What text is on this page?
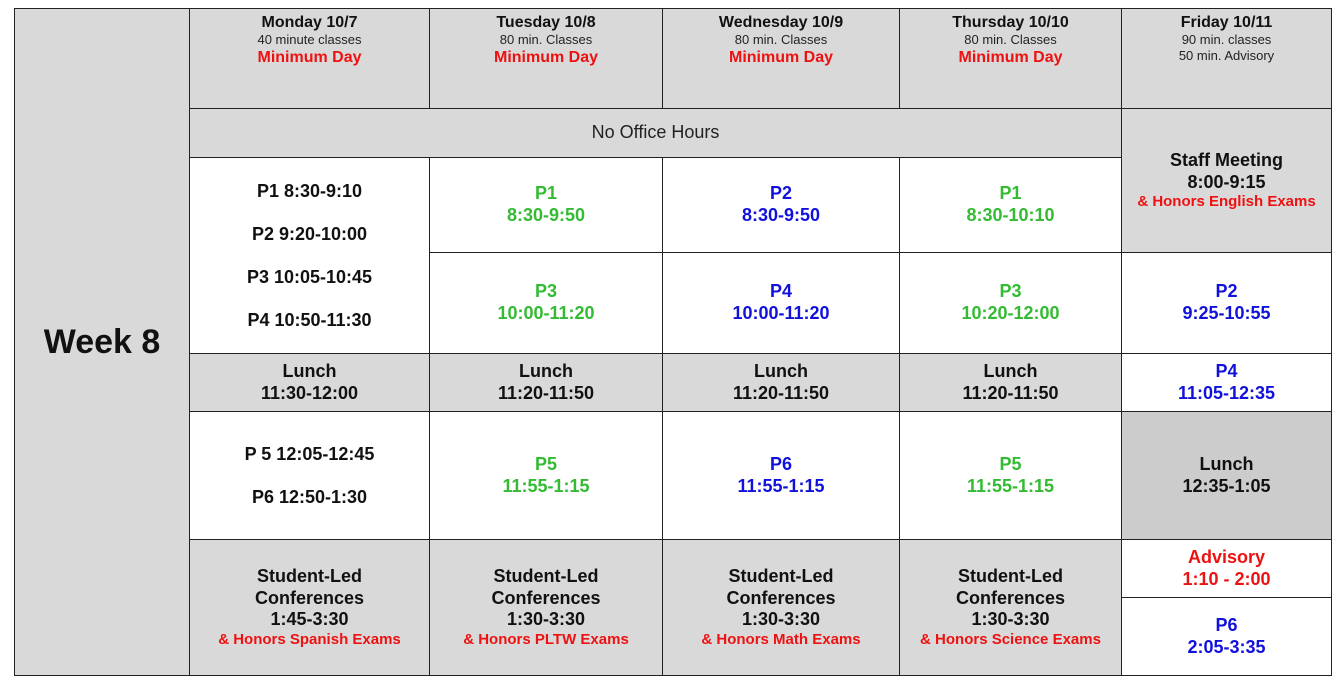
Week 8	Monday 10/7
40 minute classes
Minimum Day	Tuesday 10/8
80 min. Classes
Minimum Day	Wednesday 10/9
80 min. Classes
Minimum Day	Thursday 10/10
80 min. Classes
Minimum Day	Friday 10/11
90 min. classes
50 min. Advisory

	No Office Hours				Staff Meeting
8:00-9:15
& Honors English Exams

	P1 8:30-9:10
P2 9:20-10:00
P3 10:05-10:45
P4 10:50-11:30	P1
8:30-9:50	P2
8:30-9:50	P1
8:30-10:10	

		P3
10:00-11:20	P4
10:00-11:20	P3
10:20-12:00	P2
9:25-10:55

	Lunch
11:30-12:00	Lunch
11:20-11:50	Lunch
11:20-11:50	Lunch
11:20-11:50	P4
11:05-12:35

	P 5 12:05-12:45
P6 12:50-1:30	P5
11:55-1:15	P6
11:55-1:15	P5
11:55-1:15	Lunch
12:35-1:05

	Student-Led
Conferences
1:45-3:30
& Honors Spanish Exams	Student-Led
Conferences
1:30-3:30
& Honors PLTW Exams	Student-Led
Conferences
1:30-3:30
& Honors Math Exams	Student-Led
Conferences
1:30-3:30
& Honors Science Exams	Advisory
1:10 - 2:00

					P6
2:05-3:35
